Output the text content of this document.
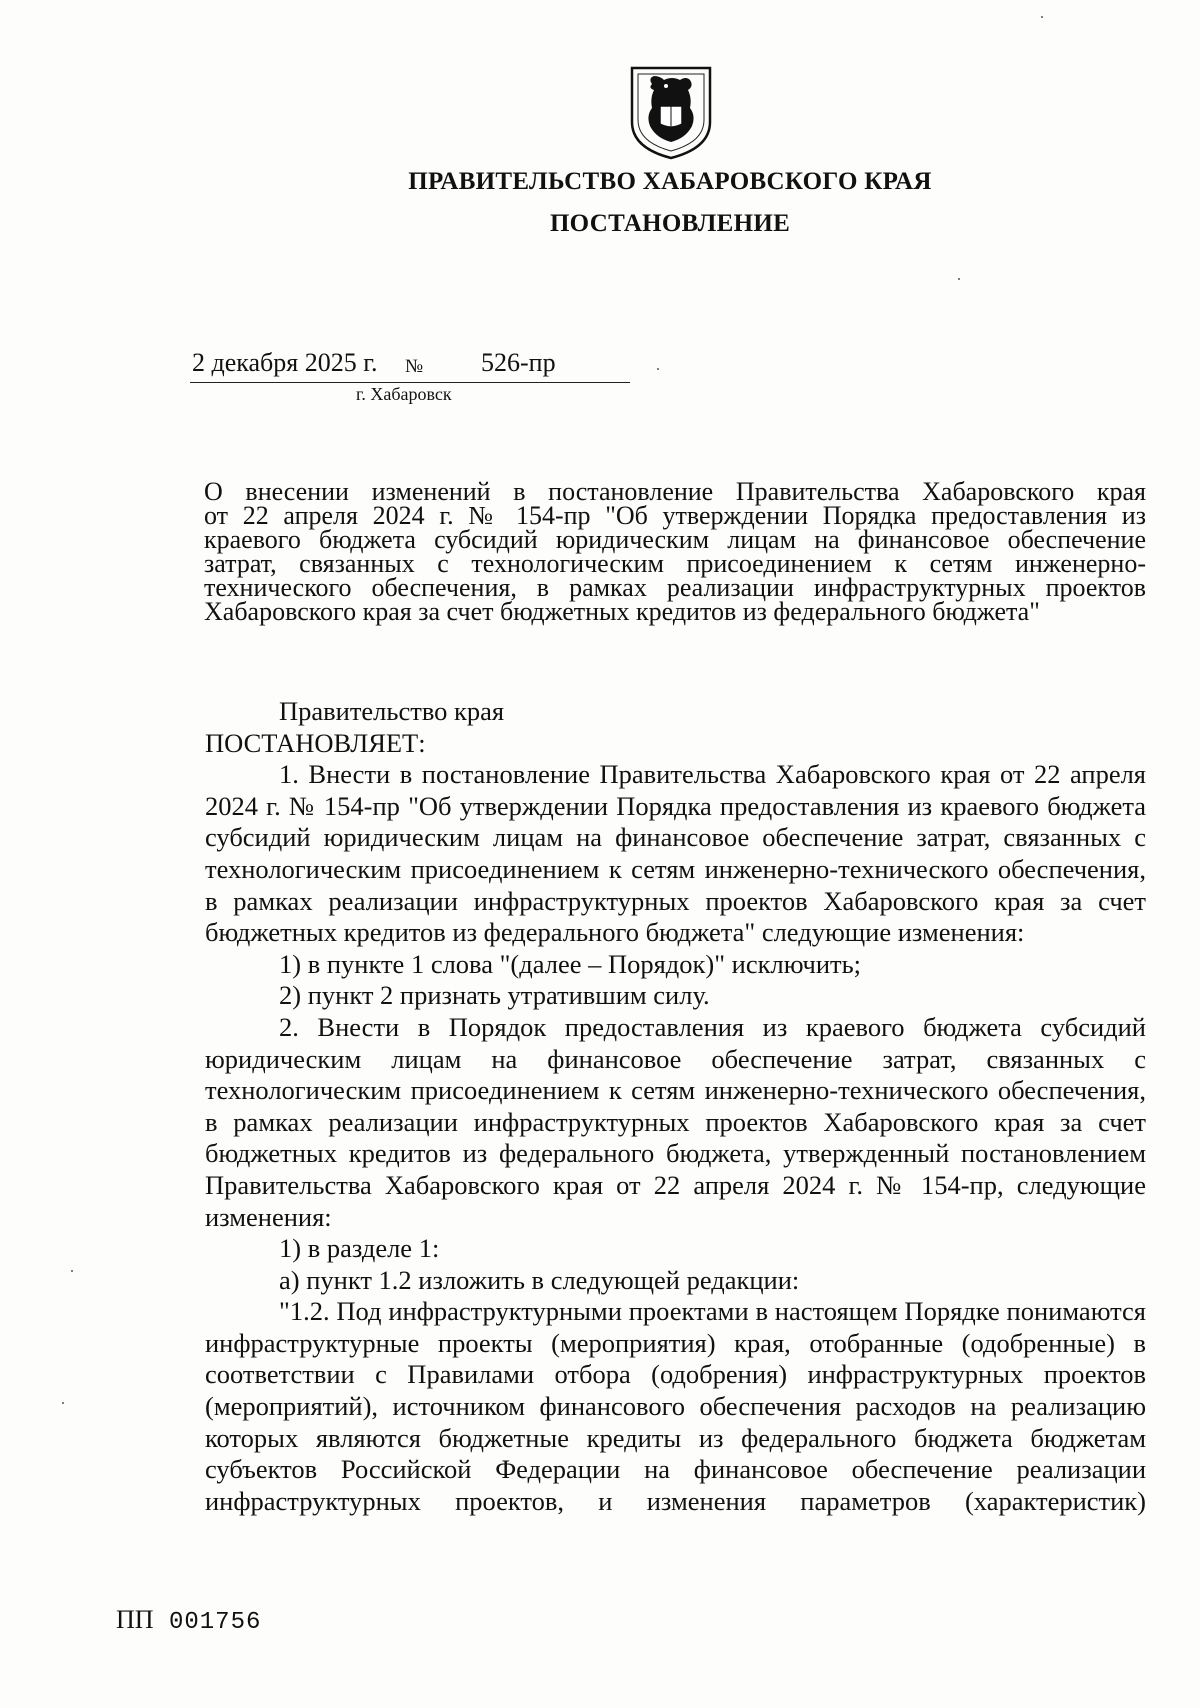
ПРАВИТЕЛЬСТВО ХАБАРОВСКОГО КРАЯ
ПОСТАНОВЛЕНИЕ
2 декабря 2025 г. № 526-пр
г. Хабаровск
О внесении изменений в постановление Правительства Хабаровского края
от 22 апреля 2024 г. № 154-пр "Об утверждении Порядка предоставления из
краевого бюджета субсидий юридическим лицам на финансовое обеспечение
затрат, связанных с технологическим присоединением к сетям инженерно-
технического обеспечения, в рамках реализации инфраструктурных проектов
Хабаровского края за счет бюджетных кредитов из федерального бюджета"

Правительство края

ПОСТАНОВЛЯЕТ:

1. Внести в постановление Правительства Хабаровского края от 22 апреля 2024 г. № 154-пр "Об утверждении Порядка предоставления из краевого бюджета субсидий юридическим лицам на финансовое обеспечение затрат, связанных с технологическим присоединением к сетям инженерно-технического обеспечения, в рамках реализации инфраструктурных проектов Хабаровского края за счет бюджетных кредитов из федерального бюджета" следующие изменения:

1) в пункте 1 слова "(далее – Порядок)" исключить;

2) пункт 2 признать утратившим силу.

2. Внести в Порядок предоставления из краевого бюджета субсидий юридическим лицам на финансовое обеспечение затрат, связанных с технологическим присоединением к сетям инженерно-технического обеспечения, в рамках реализации инфраструктурных проектов Хабаровского края за счет бюджетных кредитов из федерального бюджета, утвержденный постановлением Правительства Хабаровского края от 22 апреля 2024 г. № 154-пр, следующие изменения:

1) в разделе 1:

а) пункт 1.2 изложить в следующей редакции:

"1.2. Под инфраструктурными проектами в настоящем Порядке понимаются инфраструктурные проекты (мероприятия) края, отобранные (одобренные) в соответствии с Правилами отбора (одобрения) инфраструктурных проектов (мероприятий), источником финансового обеспечения расходов на реализацию которых являются бюджетные кредиты из федерального бюджета бюджетам субъектов Российской Федерации на финансовое обеспечение реализации инфраструктурных проектов, и изменения параметров (характеристик)

ПП 001756
